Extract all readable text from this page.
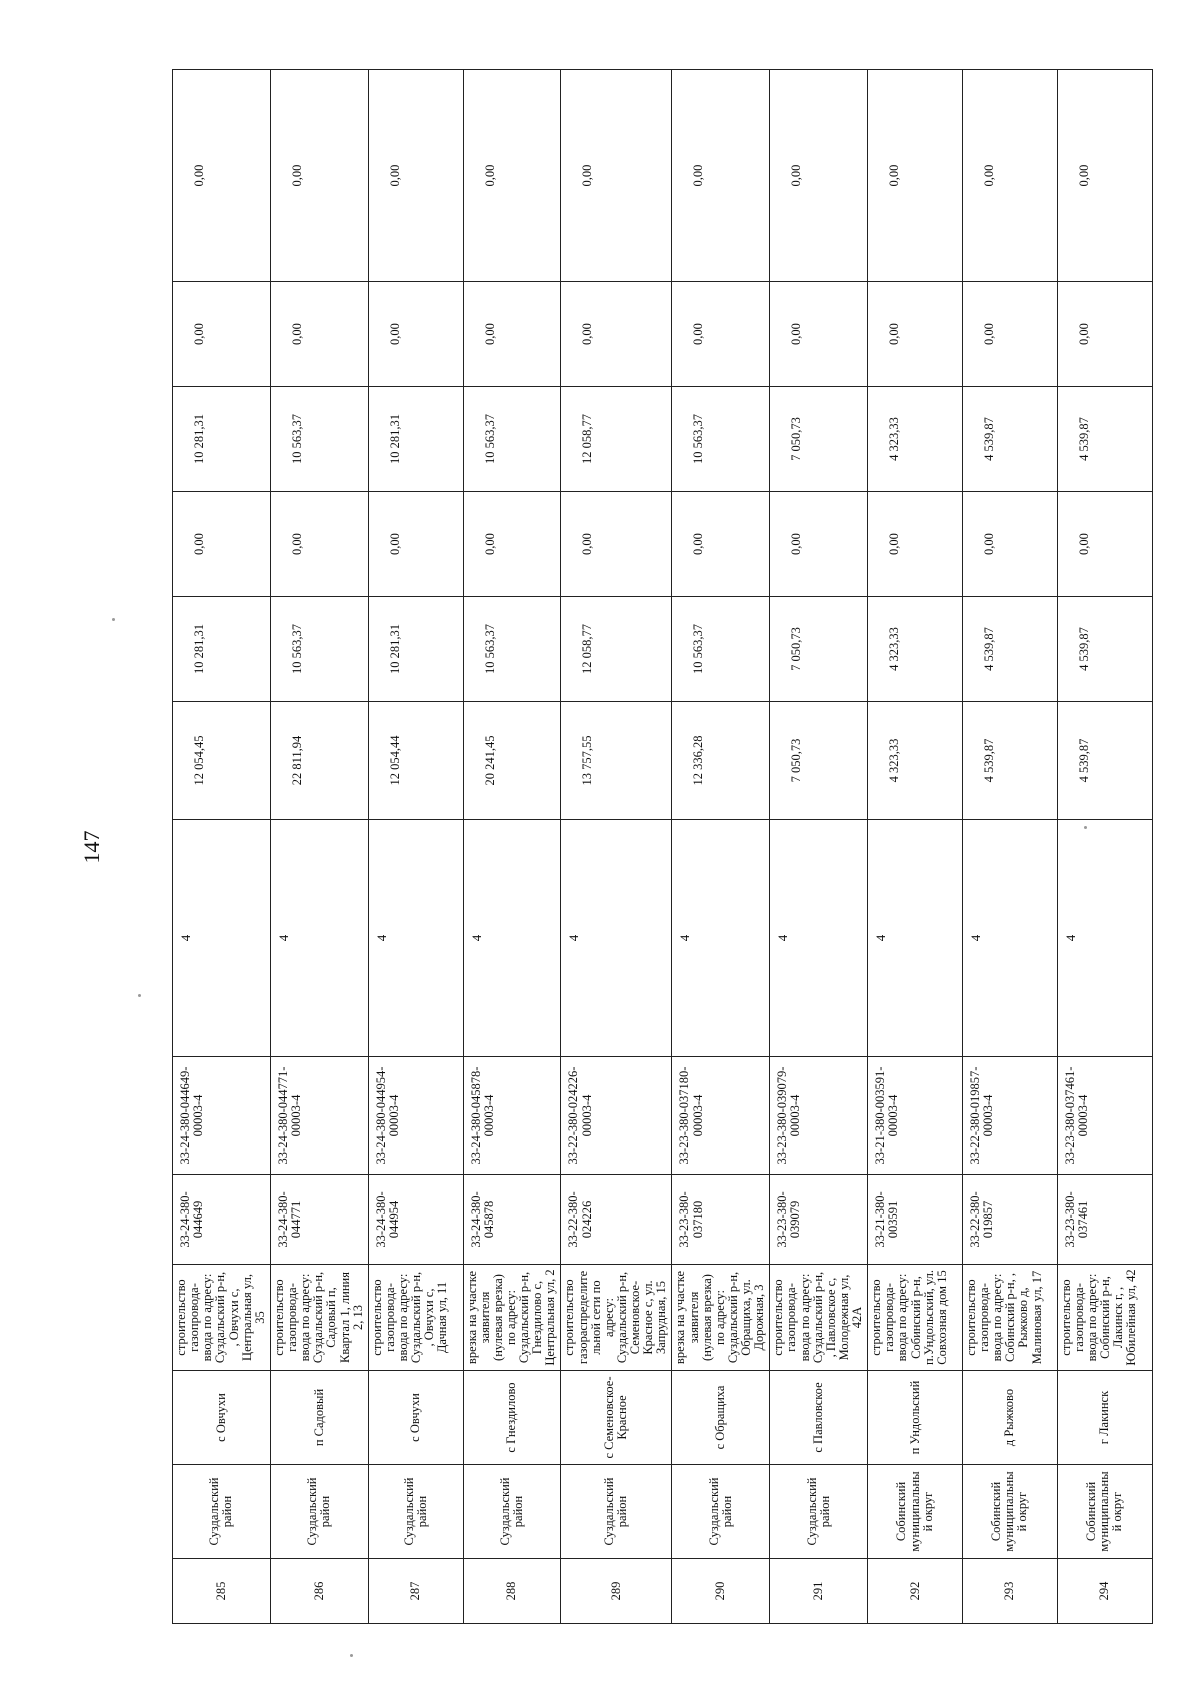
147
285	Суздальский район	с Овчухи	строительство газопровода-ввода по адресу: Суздальский р-н, , Овчухи с, Центральная ул, 35	33-24-380-044649	33-24-380-044649-00003-4	4	12 054,45	10 281,31	0,00	10 281,31	0,00	0,00
286	Суздальский район	п Садовый	строительство газопровода-ввода по адресу: Суздальский р-н, Садовый п, Квартал 1, линия 2, 13	33-24-380-044771	33-24-380-044771-00003-4	4	22 811,94	10 563,37	0,00	10 563,37	0,00	0,00
287	Суздальский район	с Овчухи	строительство газопровода-ввода по адресу: Суздальский р-н, , Овчухи с, Дачная ул, 11	33-24-380-044954	33-24-380-044954-00003-4	4	12 054,44	10 281,31	0,00	10 281,31	0,00	0,00
288	Суздальский район	с Гнездилово	врезка на участке заявителя (нулевая врезка) по адресу: Суздальский р-н, Гнездилово с, Центральная ул, 2	33-24-380-045878	33-24-380-045878-00003-4	4	20 241,45	10 563,37	0,00	10 563,37	0,00	0,00
289	Суздальский район	с Семеновское-Красное	строительство газораспределительной сети по адресу: Суздальский р-н, Семеновское-Красное с, ул. Запрудная, 15	33-22-380-024226	33-22-380-024226-00003-4	4	13 757,55	12 058,77	0,00	12 058,77	0,00	0,00
290	Суздальский район	с Обращиха	врезка на участке заявителя (нулевая врезка) по адресу: Суздальский р-н, Обращиха, ул. Дорожная, 3	33-23-380-037180	33-23-380-037180-00003-4	4	12 336,28	10 563,37	0,00	10 563,37	0,00	0,00
291	Суздальский район	с Павловское	строительство газопровода-ввода по адресу: Суздальский р-н, , Павловское с, Молодежная ул, 42А	33-23-380-039079	33-23-380-039079-00003-4	4	7 050,73	7 050,73	0,00	7 050,73	0,00	0,00
292	Собинский муниципальный округ	п Ундольский	строительство газопровода-ввода по адресу: Собинский р-н, п.Ундольский, ул. Совхозная дом 15	33-21-380-003591	33-21-380-003591-00003-4	4	4 323,33	4 323,33	0,00	4 323,33	0,00	0,00
293	Собинский муниципальный округ	д Рыжково	строительство газопровода-ввода по адресу: Собинский р-н, , Рыжково д, Малиновая ул, 17	33-22-380-019857	33-22-380-019857-00003-4	4	4 539,87	4 539,87	0,00	4 539,87	0,00	0,00
294	Собинский муниципальный округ	г Лакинск	строительство газопровода-ввода по адресу: Собинский р-н, Лакинск г, , Юбилейная ул, 42	33-23-380-037461	33-23-380-037461-00003-4	4	4 539,87	4 539,87	0,00	4 539,87	0,00	0,00
